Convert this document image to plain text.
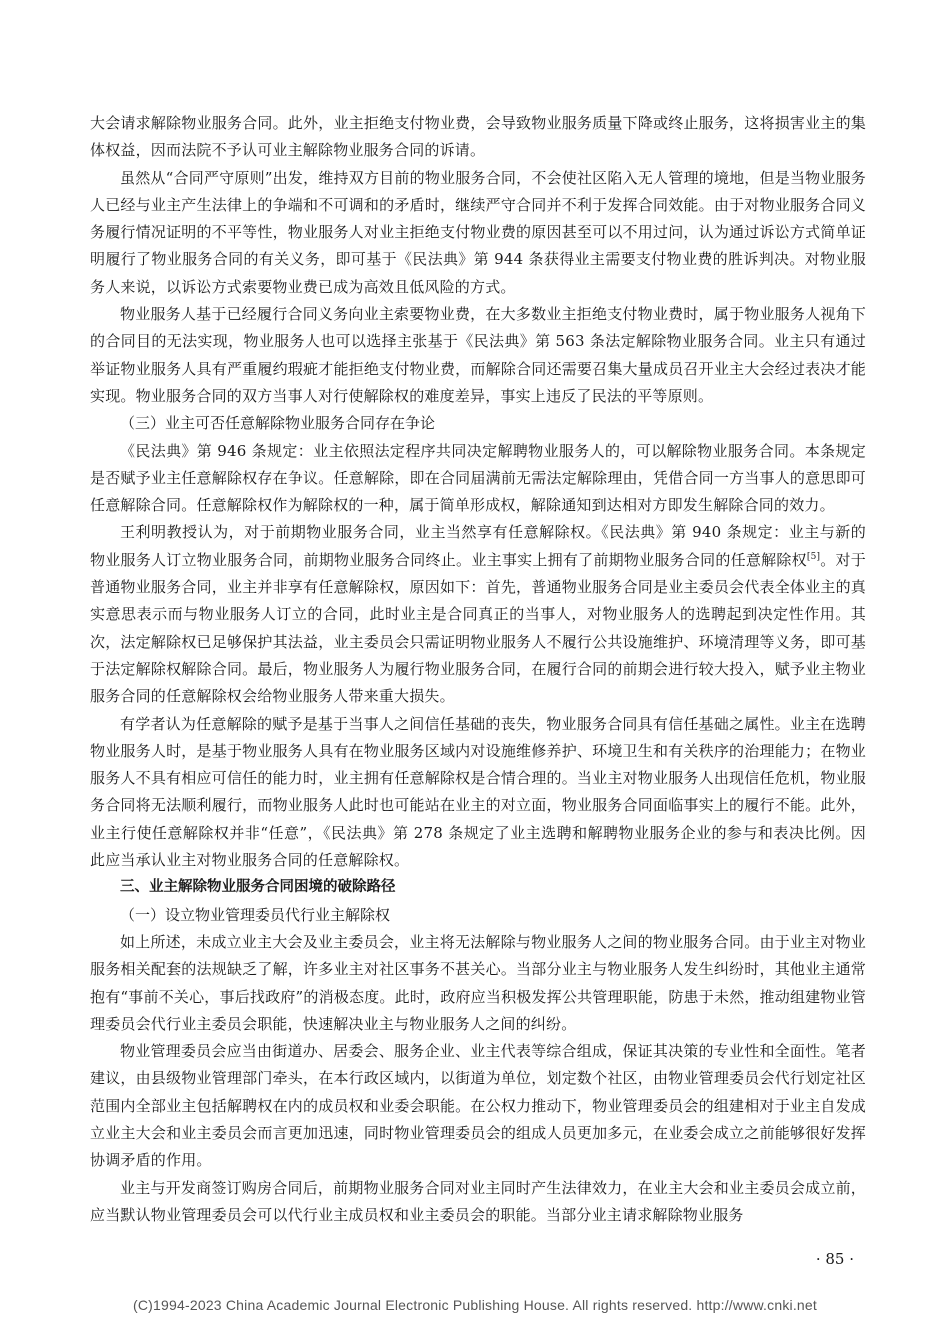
大会请求解除物业服务合同。此外，业主拒绝支付物业费，会导致物业服务质量下降或终止服务，这将损害业主的集体权益，因而法院不予认可业主解除物业服务合同的诉请。

虽然从“合同严守原则”出发，维持双方目前的物业服务合同，不会使社区陷入无人管理的境地，但是当物业服务人已经与业主产生法律上的争端和不可调和的矛盾时，继续严守合同并不利于发挥合同效能。由于对物业服务合同义务履行情况证明的不平等性，物业服务人对业主拒绝支付物业费的原因甚至可以不用过问，认为通过诉讼方式简单证明履行了物业服务合同的有关义务，即可基于《民法典》第 944 条获得业主需要支付物业费的胜诉判决。对物业服务人来说，以诉讼方式索要物业费已成为高效且低风险的方式。

物业服务人基于已经履行合同义务向业主索要物业费，在大多数业主拒绝支付物业费时，属于物业服务人视角下的合同目的无法实现，物业服务人也可以选择主张基于《民法典》第 563 条法定解除物业服务合同。业主只有通过举证物业服务人具有严重履约瑕疵才能拒绝支付物业费，而解除合同还需要召集大量成员召开业主大会经过表决才能实现。物业服务合同的双方当事人对行使解除权的难度差异，事实上违反了民法的平等原则。

（三）业主可否任意解除物业服务合同存在争论

《民法典》第 946 条规定：业主依照法定程序共同决定解聘物业服务人的，可以解除物业服务合同。本条规定是否赋予业主任意解除权存在争议。任意解除，即在合同届满前无需法定解除理由，凭借合同一方当事人的意思即可任意解除合同。任意解除权作为解除权的一种，属于简单形成权，解除通知到达相对方即发生解除合同的效力。

王利明教授认为，对于前期物业服务合同，业主当然享有任意解除权。《民法典》第 940 条规定：业主与新的物业服务人订立物业服务合同，前期物业服务合同终止。业主事实上拥有了前期物业服务合同的任意解除权[5]。对于普通物业服务合同，业主并非享有任意解除权，原因如下：首先，普通物业服务合同是业主委员会代表全体业主的真实意思表示而与物业服务人订立的合同，此时业主是合同真正的当事人，对物业服务人的选聘起到决定性作用。其次，法定解除权已足够保护其法益，业主委员会只需证明物业服务人不履行公共设施维护、环境清理等义务，即可基于法定解除权解除合同。最后，物业服务人为履行物业服务合同，在履行合同的前期会进行较大投入，赋予业主物业服务合同的任意解除权会给物业服务人带来重大损失。

有学者认为任意解除的赋予是基于当事人之间信任基础的丧失，物业服务合同具有信任基础之属性。业主在选聘物业服务人时，是基于物业服务人具有在物业服务区域内对设施维修养护、环境卫生和有关秩序的治理能力；在物业服务人不具有相应可信任的能力时，业主拥有任意解除权是合情合理的。当业主对物业服务人出现信任危机，物业服务合同将无法顺利履行，而物业服务人此时也可能站在业主的对立面，物业服务合同面临事实上的履行不能。此外，业主行使任意解除权并非“任意”，《民法典》第 278 条规定了业主选聘和解聘物业服务企业的参与和表决比例。因此应当承认业主对物业服务合同的任意解除权。

三、业主解除物业服务合同困境的破除路径

（一）设立物业管理委员代行业主解除权

如上所述，未成立业主大会及业主委员会，业主将无法解除与物业服务人之间的物业服务合同。由于业主对物业服务相关配套的法规缺乏了解，许多业主对社区事务不甚关心。当部分业主与物业服务人发生纠纷时，其他业主通常抱有“事前不关心，事后找政府”的消极态度。此时，政府应当积极发挥公共管理职能，防患于未然，推动组建物业管理委员会代行业主委员会职能，快速解决业主与物业服务人之间的纠纷。

物业管理委员会应当由街道办、居委会、服务企业、业主代表等综合组成，保证其决策的专业性和全面性。笔者建议，由县级物业管理部门牵头，在本行政区域内，以街道为单位，划定数个社区，由物业管理委员会代行划定社区范围内全部业主包括解聘权在内的成员权和业委会职能。在公权力推动下，物业管理委员会的组建相对于业主自发成立业主大会和业主委员会而言更加迅速，同时物业管理委员会的组成人员更加多元，在业委会成立之前能够很好发挥协调矛盾的作用。

业主与开发商签订购房合同后，前期物业服务合同对业主同时产生法律效力，在业主大会和业主委员会成立前，应当默认物业管理委员会可以代行业主成员权和业主委员会的职能。当部分业主请求解除物业服务

· 85 ·
(C)1994-2023 China Academic Journal Electronic Publishing House. All rights reserved. http://www.cnki.net
